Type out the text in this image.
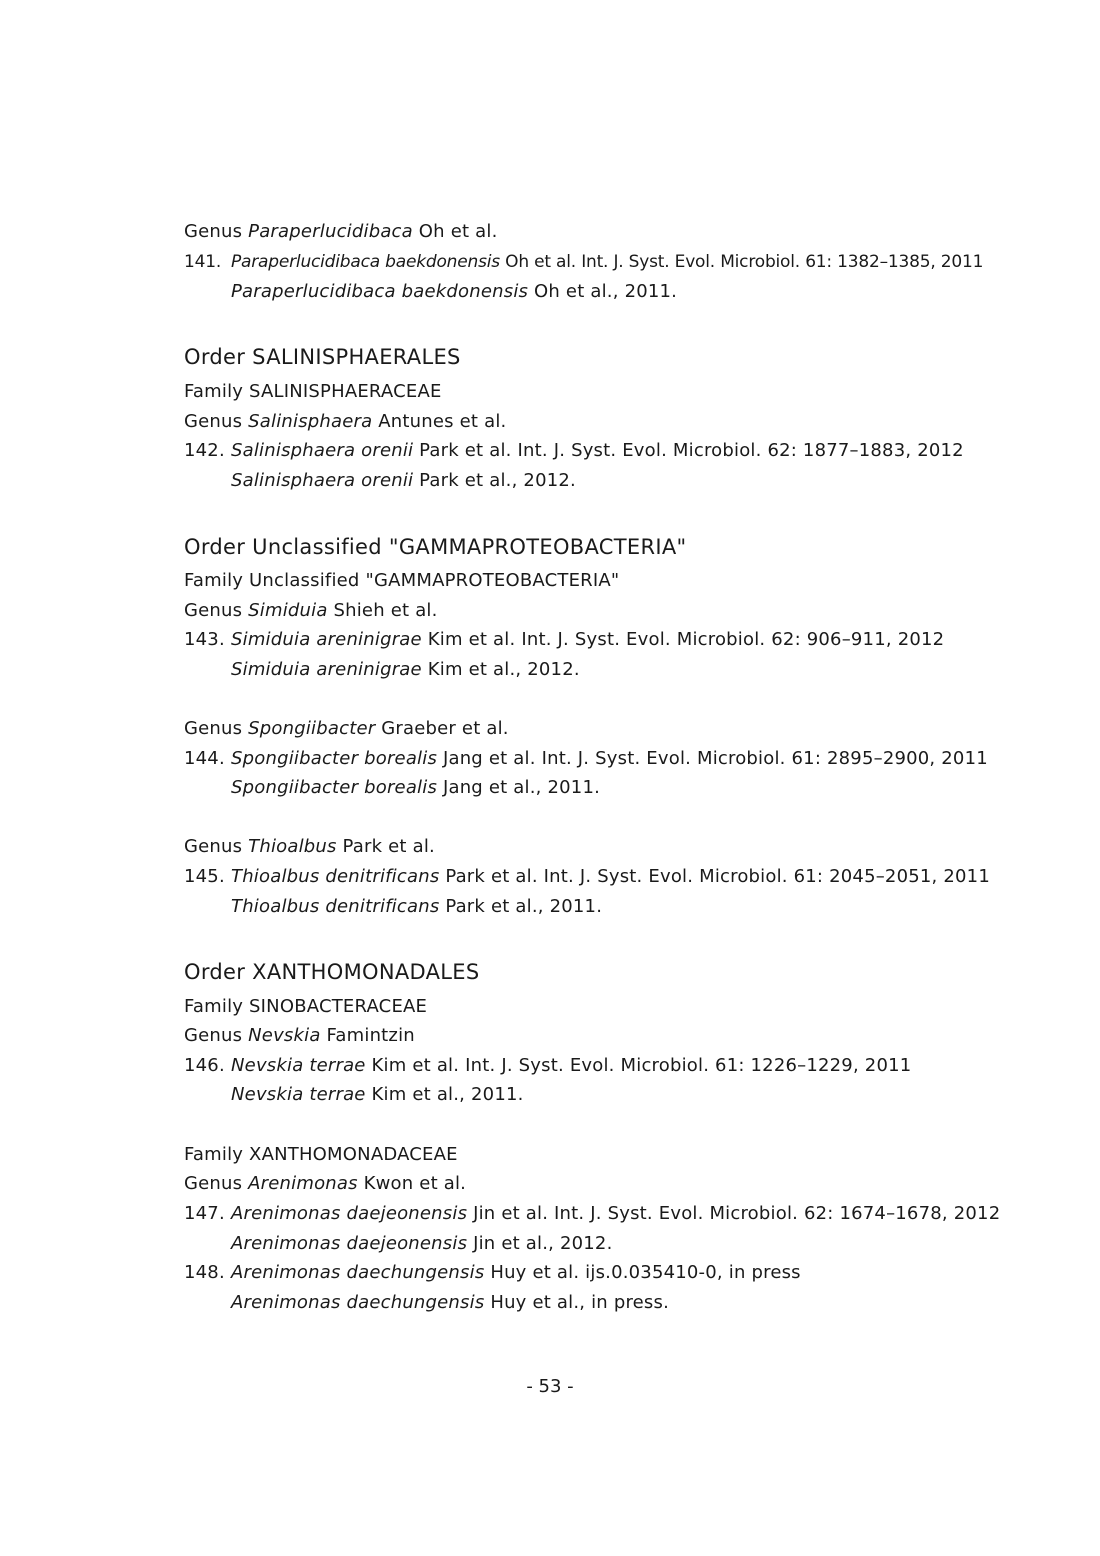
Genus Paraperlucidibaca Oh et al.
141. Paraperlucidibaca baekdonensis Oh et al. Int. J. Syst. Evol. Microbiol. 61: 1382–1385, 2011
Paraperlucidibaca baekdonensis Oh et al., 2011.
Order SALINISPHAERALES
Family SALINISPHAERACEAE
Genus Salinisphaera Antunes et al.
142. Salinisphaera orenii Park et al. Int. J. Syst. Evol. Microbiol. 62: 1877–1883, 2012
Salinisphaera orenii Park et al., 2012.
Order Unclassified "GAMMAPROTEOBACTERIA"
Family Unclassified "GAMMAPROTEOBACTERIA"
Genus Simiduia Shieh et al.
143. Simiduia areninigrae Kim et al. Int. J. Syst. Evol. Microbiol. 62: 906–911, 2012
Simiduia areninigrae Kim et al., 2012.
Genus Spongiibacter Graeber et al.
144. Spongiibacter borealis Jang et al. Int. J. Syst. Evol. Microbiol. 61: 2895–2900, 2011
Spongiibacter borealis Jang et al., 2011.
Genus Thioalbus Park et al.
145. Thioalbus denitrificans Park et al. Int. J. Syst. Evol. Microbiol. 61: 2045–2051, 2011
Thioalbus denitrificans Park et al., 2011.
Order XANTHOMONADALES
Family SINOBACTERACEAE
Genus Nevskia Famintzin
146. Nevskia terrae Kim et al. Int. J. Syst. Evol. Microbiol. 61: 1226–1229, 2011
Nevskia terrae Kim et al., 2011.
Family XANTHOMONADACEAE
Genus Arenimonas Kwon et al.
147. Arenimonas daejeonensis Jin et al. Int. J. Syst. Evol. Microbiol. 62: 1674–1678, 2012
Arenimonas daejeonensis Jin et al., 2012.
148. Arenimonas daechungensis Huy et al. ijs.0.035410-0, in press
Arenimonas daechungensis Huy et al., in press.
- 53 -
